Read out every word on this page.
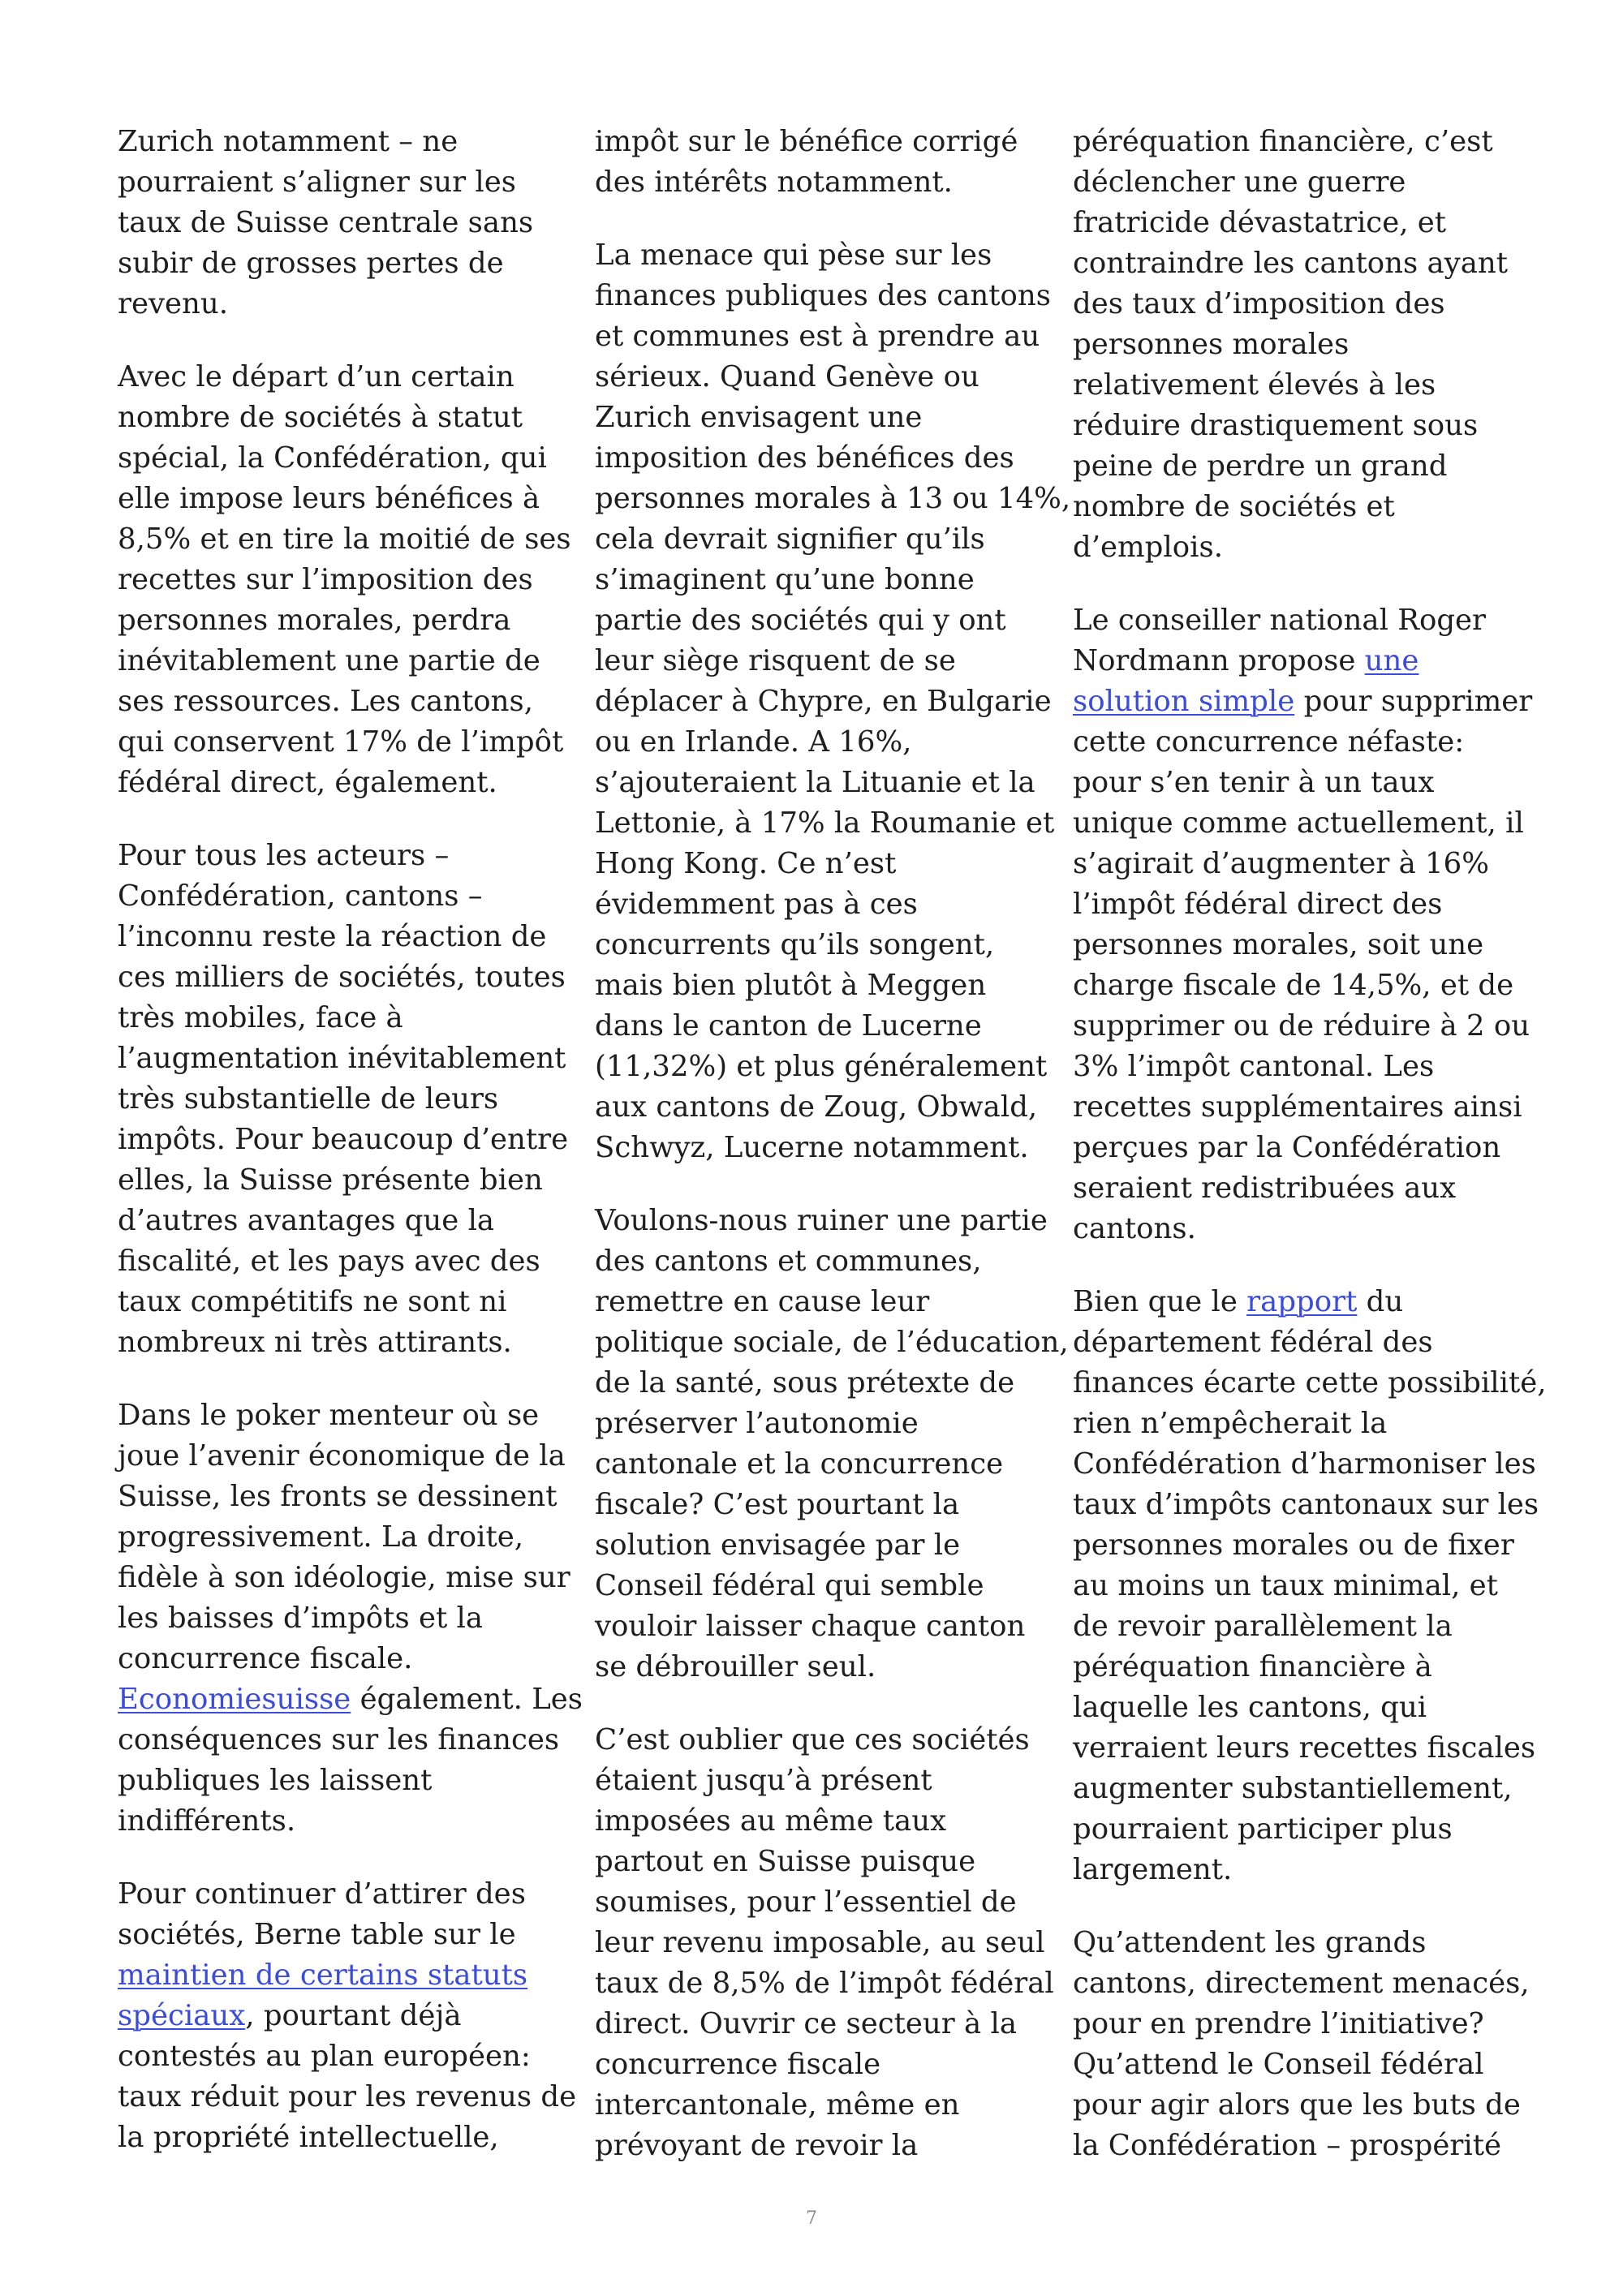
Zurich notamment – ne
pourraient s’aligner sur les
taux de Suisse centrale sans
subir de grosses pertes de
revenu.

Avec le départ d’un certain
nombre de sociétés à statut
spécial, la Confédération, qui
elle impose leurs bénéfices à
8,5% et en tire la moitié de ses
recettes sur l’imposition des
personnes morales, perdra
inévitablement une partie de
ses ressources. Les cantons,
qui conservent 17% de l’impôt
fédéral direct, également.

Pour tous les acteurs –
Confédération, cantons –
l’inconnu reste la réaction de
ces milliers de sociétés, toutes
très mobiles, face à
l’augmentation inévitablement
très substantielle de leurs
impôts. Pour beaucoup d’entre
elles, la Suisse présente bien
d’autres avantages que la
fiscalité, et les pays avec des
taux compétitifs ne sont ni
nombreux ni très attirants.

Dans le poker menteur où se
joue l’avenir économique de la
Suisse, les fronts se dessinent
progressivement. La droite,
fidèle à son idéologie, mise sur
les baisses d’impôts et la
concurrence fiscale.
Economiesuisse également. Les
conséquences sur les finances
publiques les laissent
indifférents.

Pour continuer d’attirer des
sociétés, Berne table sur le
maintien de certains statuts
spéciaux, pourtant déjà
contestés au plan européen:
taux réduit pour les revenus de
la propriété intellectuelle,

impôt sur le bénéfice corrigé
des intérêts notamment.

La menace qui pèse sur les
finances publiques des cantons
et communes est à prendre au
sérieux. Quand Genève ou
Zurich envisagent une
imposition des bénéfices des
personnes morales à 13 ou 14%,
cela devrait signifier qu’ils
s’imaginent qu’une bonne
partie des sociétés qui y ont
leur siège risquent de se
déplacer à Chypre, en Bulgarie
ou en Irlande. A 16%,
s’ajouteraient la Lituanie et la
Lettonie, à 17% la Roumanie et
Hong Kong. Ce n’est
évidemment pas à ces
concurrents qu’ils songent,
mais bien plutôt à Meggen
dans le canton de Lucerne
(11,32%) et plus généralement
aux cantons de Zoug, Obwald,
Schwyz, Lucerne notamment.

Voulons-nous ruiner une partie
des cantons et communes,
remettre en cause leur
politique sociale, de l’éducation,
de la santé, sous prétexte de
préserver l’autonomie
cantonale et la concurrence
fiscale? C’est pourtant la
solution envisagée par le
Conseil fédéral qui semble
vouloir laisser chaque canton
se débrouiller seul.

C’est oublier que ces sociétés
étaient jusqu’à présent
imposées au même taux
partout en Suisse puisque
soumises, pour l’essentiel de
leur revenu imposable, au seul
taux de 8,5% de l’impôt fédéral
direct. Ouvrir ce secteur à la
concurrence fiscale
intercantonale, même en
prévoyant de revoir la

péréquation financière, c’est
déclencher une guerre
fratricide dévastatrice, et
contraindre les cantons ayant
des taux d’imposition des
personnes morales
relativement élevés à les
réduire drastiquement sous
peine de perdre un grand
nombre de sociétés et
d’emplois.

Le conseiller national Roger
Nordmann propose une
solution simple pour supprimer
cette concurrence néfaste:
pour s’en tenir à un taux
unique comme actuellement, il
s’agirait d’augmenter à 16%
l’impôt fédéral direct des
personnes morales, soit une
charge fiscale de 14,5%, et de
supprimer ou de réduire à 2 ou
3% l’impôt cantonal. Les
recettes supplémentaires ainsi
perçues par la Confédération
seraient redistribuées aux
cantons.

Bien que le rapport du
département fédéral des
finances écarte cette possibilité,
rien n’empêcherait la
Confédération d’harmoniser les
taux d’impôts cantonaux sur les
personnes morales ou de fixer
au moins un taux minimal, et
de revoir parallèlement la
péréquation financière à
laquelle les cantons, qui
verraient leurs recettes fiscales
augmenter substantiellement,
pourraient participer plus
largement.

Qu’attendent les grands
cantons, directement menacés,
pour en prendre l’initiative?
Qu’attend le Conseil fédéral
pour agir alors que les buts de
la Confédération – prospérité

7
